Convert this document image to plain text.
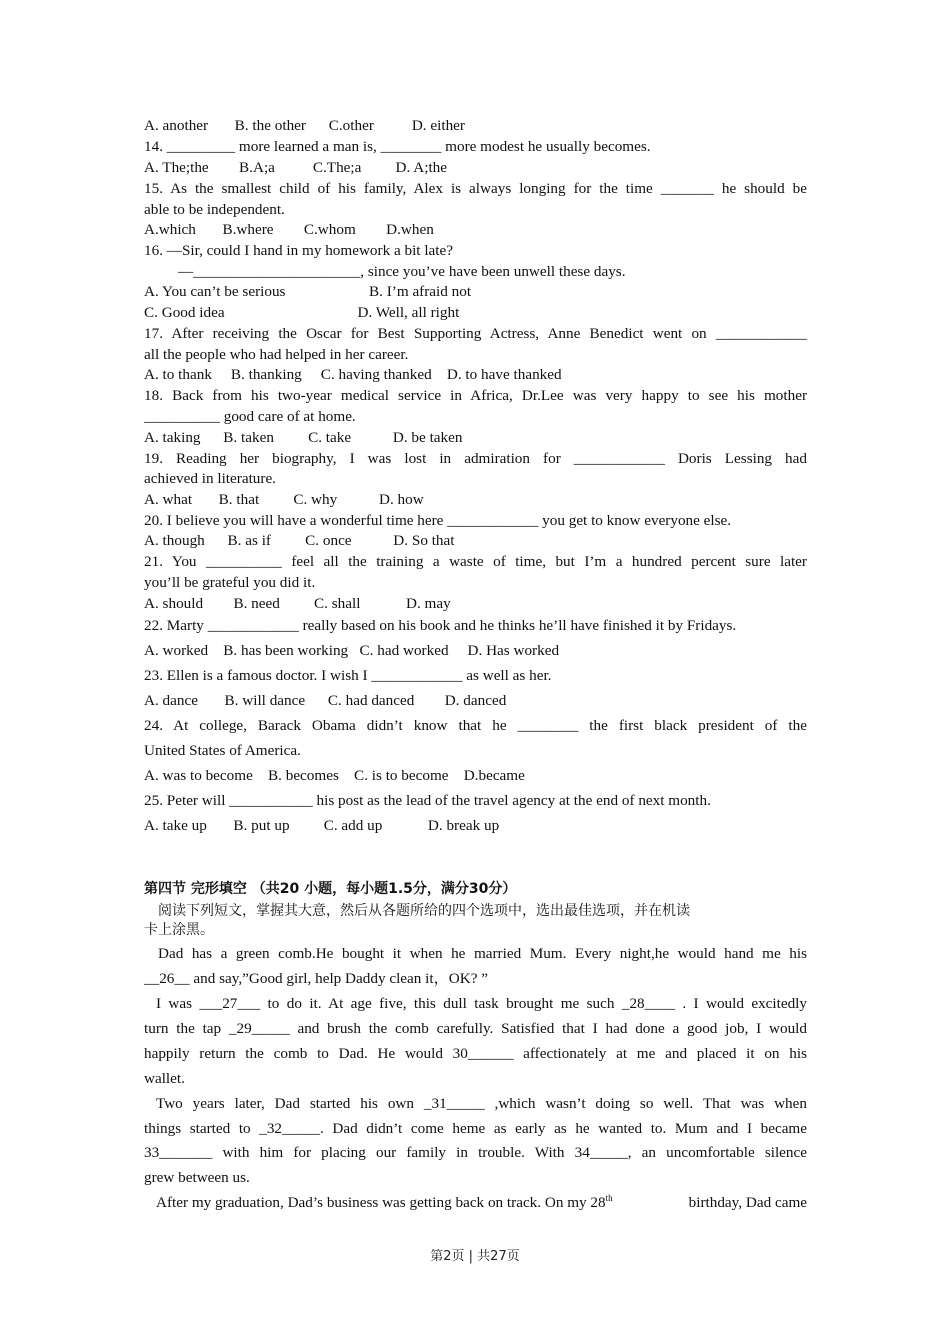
A. another       B. the other      C.other          D. either
14. _________ more learned a man is, ________ more modest he usually becomes.
A. The;the        B.A;a          C.The;a         D. A;the
15. As the smallest child of his family, Alex is always longing for the time _______ he should be
able to be independent.
A.which       B.where        C.whom        D.when
16. —Sir, could I hand in my homework a bit late?
—______________________, since you’ve have been unwell these days.
A. You can’t be serious                      B. I’m afraid not
C. Good idea                                   D. Well, all right
17. After receiving the Oscar for Best Supporting Actress, Anne Benedict went on ____________
all the people who had helped in her career.
A. to thank     B. thanking     C. having thanked    D. to have thanked
18. Back from his two-year medical service in Africa, Dr.Lee was very happy to see his mother
__________ good care of at home.
A. taking      B. taken         C. take           D. be taken
19. Reading her biography, I was lost in admiration for ____________ Doris Lessing had
achieved in literature.
A. what       B. that         C. why           D. how
20. I believe you will have a wonderful time here ____________ you get to know everyone else.
A. though      B. as if         C. once           D. So that
21. You __________ feel all the training a waste of time, but I’m a hundred percent sure later
you’ll be grateful you did it.
A. should        B. need         C. shall            D. may
22. Marty ____________ really based on his book and he thinks he’ll have finished it by Fridays.
A. worked    B. has been working   C. had worked     D. Has worked
23. Ellen is a famous doctor. I wish I ____________ as well as her.
A. dance       B. will dance      C. had danced        D. danced
24. At college, Barack Obama didn’t know that he ________ the first black president of the
United States of America.
A. was to become    B. becomes    C. is to become    D.became
25. Peter will ___________ his post as the lead of the travel agency at the end of next month.
A. take up       B. put up         C. add up            D. break up
第四节 完形填空 （共20 小题，每小题1.5分，满分30分）
阅读下列短文，掌握其大意，然后从各题所给的四个选项中，选出最佳选项，并在机读
卡上涂黑。
Dad has a green comb.He bought it when he married Mum. Every night,he would hand me his
__26__ and say,”Good girl, help Daddy clean it，OK? ”
I was ___27___ to do it. At age five, this dull task brought me such _28____ . I would excitedly
turn the tap _29_____ and brush the comb carefully. Satisfied that I had done a good job, I would
happily return the comb to Dad. He would 30______ affectionately at me and placed it on his
wallet.
Two years later, Dad started his own _31_____ ,which wasn’t doing so well. That was when
things started to _32_____. Dad didn’t come heme as early as he wanted to. Mum and I became
33_______ with him for placing our family in trouble. With 34_____, an uncomfortable silence
grew between us.
After my graduation, Dad’s business was getting back on track. On my 28th	birthday, Dad came
第2页 | 共27页
